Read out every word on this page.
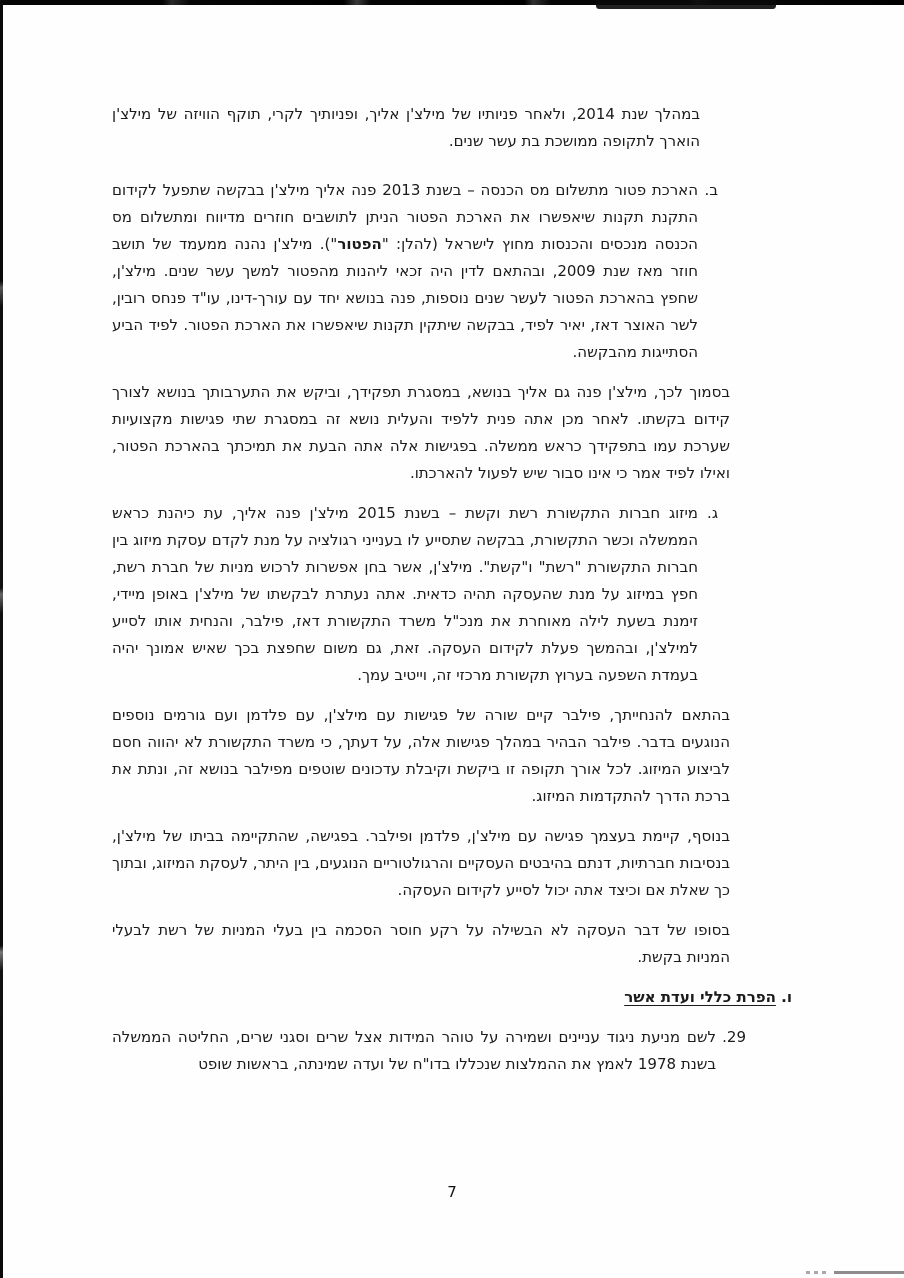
במהלך שנת 2014, ולאחר פניותיו של מילצ'ן אליך, ופניותיך לקרי, תוקף הוויזה של מילצ'ן הוארך לתקופה ממושכת בת עשר שנים.

ב.
הארכת פטור מתשלום מס הכנסה – בשנת 2013 פנה אליך מילצ'ן בבקשה שתפעל לקידום התקנת תקנות שיאפשרו את הארכת הפטור הניתן לתושבים חוזרים מדיווח ומתשלום מס הכנסה מנכסים והכנסות מחוץ לישראל (להלן: "הפטור"). מילצ'ן נהנה ממעמד של תושב חוזר מאז שנת 2009, ובהתאם לדין היה זכאי ליהנות מהפטור למשך עשר שנים. מילצ'ן, שחפץ בהארכת הפטור לעשר שנים נוספות, פנה בנושא יחד עם עורך-דינו, עו"ד פנחס רובין, לשר האוצר דאז, יאיר לפיד, בבקשה שיתקין תקנות שיאפשרו את הארכת הפטור. לפיד הביע הסתייגות מהבקשה.

בסמוך לכך, מילצ'ן פנה גם אליך בנושא, במסגרת תפקידך, וביקש את התערבותך בנושא לצורך קידום בקשתו. לאחר מכן אתה פנית ללפיד והעלית נושא זה במסגרת שתי פגישות מקצועיות שערכת עמו בתפקידך כראש ממשלה. בפגישות אלה אתה הבעת את תמיכתך בהארכת הפטור, ואילו לפיד אמר כי אינו סבור שיש לפעול להארכתו.

ג.
מיזוג חברות התקשורת רשת וקשת – בשנת 2015 מילצ'ן פנה אליך, עת כיהנת כראש הממשלה וכשר התקשורת, בבקשה שתסייע לו בענייני רגולציה על מנת לקדם עסקת מיזוג בין חברות התקשורת "רשת" ו"קשת". מילצ'ן, אשר בחן אפשרות לרכוש מניות של חברת רשת, חפץ במיזוג על מנת שהעסקה תהיה כדאית. אתה נעתרת לבקשתו של מילצ'ן באופן מיידי, זימנת בשעת לילה מאוחרת את מנכ"ל משרד התקשורת דאז, פילבר, והנחית אותו לסייע למילצ'ן, ובהמשך פעלת לקידום העסקה. זאת, גם משום שחפצת בכך שאיש אמונך יהיה בעמדת השפעה בערוץ תקשורת מרכזי זה, וייטיב עמך.

בהתאם להנחייתך, פילבר קיים שורה של פגישות עם מילצ'ן, עם פלדמן ועם גורמים נוספים הנוגעים בדבר. פילבר הבהיר במהלך פגישות אלה, על דעתך, כי משרד התקשורת לא יהווה חסם לביצוע המיזוג. לכל אורך תקופה זו ביקשת וקיבלת עדכונים שוטפים מפילבר בנושא זה, ונתת את ברכת הדרך להתקדמות המיזוג.

בנוסף, קיימת בעצמך פגישה עם מילצ'ן, פלדמן ופילבר. בפגישה, שהתקיימה בביתו של מילצ'ן, בנסיבות חברתיות, דנתם בהיבטים העסקיים והרגולטוריים הנוגעים, בין היתר, לעסקת המיזוג, ובתוך כך שאלת אם וכיצד אתה יכול לסייע לקידום העסקה.

בסופו של דבר העסקה לא הבשילה על רקע חוסר הסכמה בין בעלי המניות של רשת לבעלי המניות בקשת.

ו. הפרת כללי ועדת אשר
29.
לשם מניעת ניגוד עניינים ושמירה על טוהר המידות אצל שרים וסגני שרים, החליטה הממשלה בשנת 1978 לאמץ את ההמלצות שנכללו בדו"ח של ועדה שמינתה, בראשות שופט
7
